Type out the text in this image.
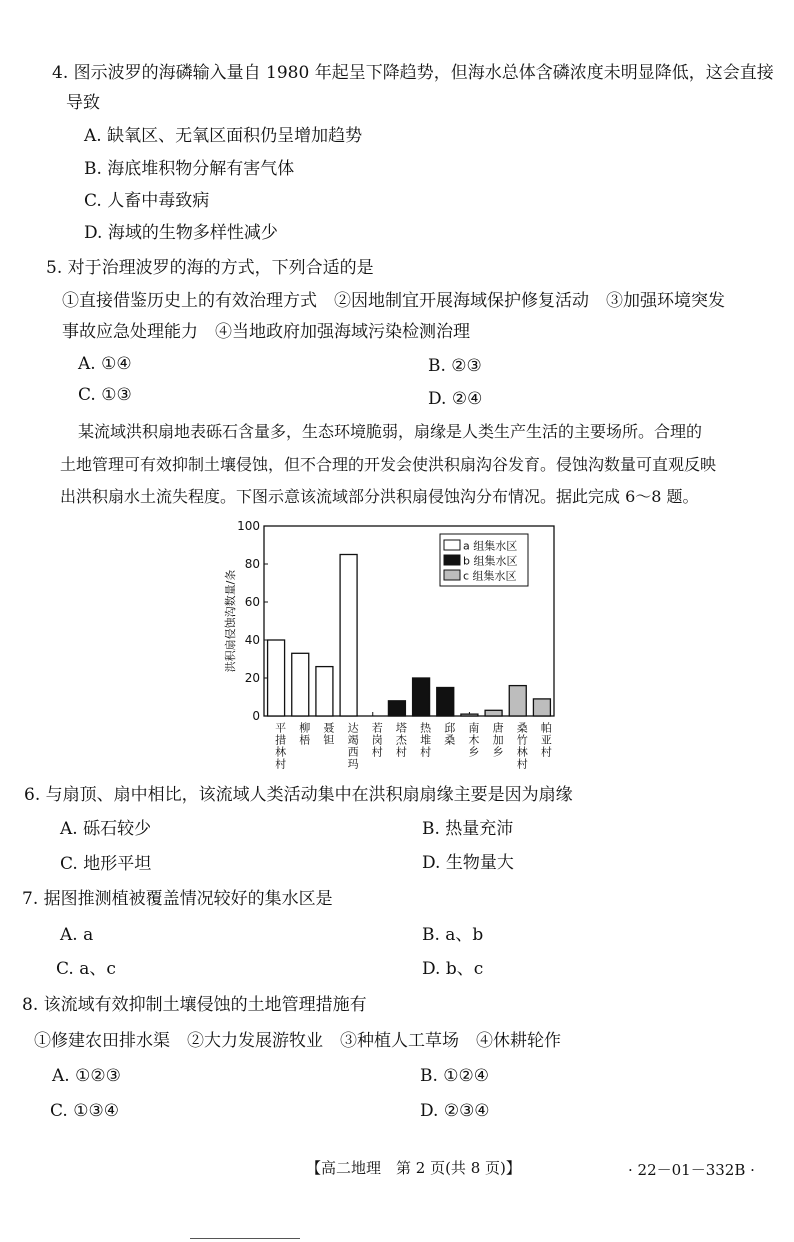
4. 图示波罗的海磷输入量自 1980 年起呈下降趋势，但海水总体含磷浓度未明显降低，这会直接
导致
A. 缺氧区、无氧区面积仍呈增加趋势
B. 海底堆积物分解有害气体
C. 人畜中毒致病
D. 海域的生物多样性减少
5. 对于治理波罗的海的方式，下列合适的是
①直接借鉴历史上的有效治理方式　②因地制宜开展海域保护修复活动　③加强环境突发
事故应急处理能力　④当地政府加强海域污染检测治理
A. ①④	B. ②③
C. ①③	D. ②④
某流域洪积扇地表砾石含量多，生态环境脆弱，扇缘是人类生产生活的主要场所。合理的
土地管理可有效抑制土壤侵蚀，但不合理的开发会使洪积扇沟谷发育。侵蚀沟数量可直观反映
出洪积扇水土流失程度。下图示意该流域部分洪积扇侵蚀沟分布情况。据此完成 6～8 题。
0
20
40
60
80
100
平措林村 柳梧 聂钽 达竭西玛 若岗村 塔杰村 热堆村 邱桑 南木乡 唐加乡 桑竹林村 帕亚村
洪积扇侵蚀沟数量/条
a 组集水区
b 组集水区
c 组集水区
6. 与扇顶、扇中相比，该流域人类活动集中在洪积扇扇缘主要是因为扇缘
A. 砾石较少	B. 热量充沛
C. 地形平坦	D. 生物量大
7. 据图推测植被覆盖情况较好的集水区是
A. a	B. a、b
C. a、c	D. b、c
8. 该流域有效抑制土壤侵蚀的土地管理措施有
①修建农田排水渠　②大力发展游牧业　③种植人工草场　④休耕轮作
A. ①②③	B. ①②④
C. ①③④	D. ②③④
【高二地理　第 2 页(共 8 页)】	· 22－01－332B ·
